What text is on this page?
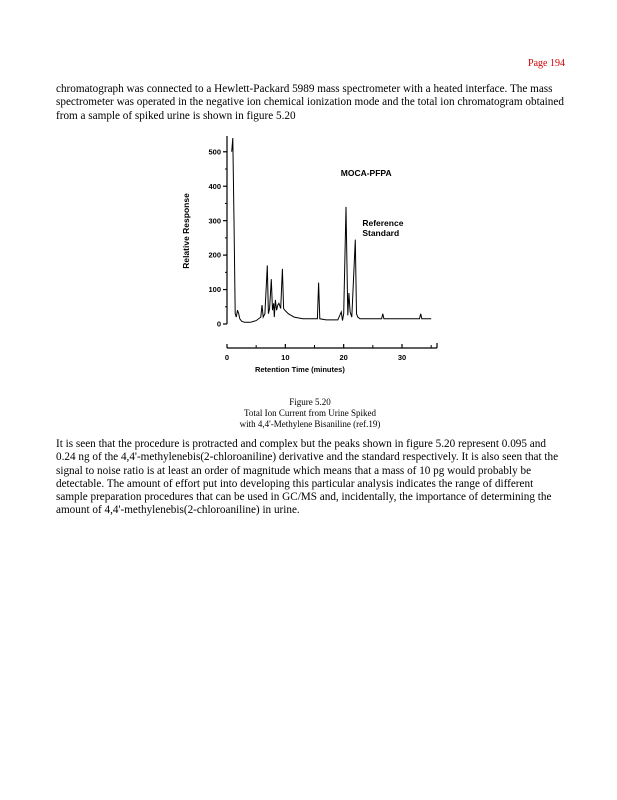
Page 194

chromatograph was connected to a Hewlett-Packard 5989 mass spectrometer with a heated interface. The mass spectrometer was operated in the negative ion chemical ionization mode and the total ion chromatogram obtained from a sample of spiked urine is shown in figure 5.20

0
100
200
300
400
500
0	10	20	30
Relative Response
Retention Time (minutes)
MOCA-PFPA
Reference
Standard
Figure 5.20
Total Ion Current from Urine Spiked
with 4,4'-Methylene Bisaniline (ref.19)

It is seen that the procedure is protracted and complex but the peaks shown in figure 5.20 represent 0.095 and 0.24 ng of the 4,4'-methylenebis(2-chloroaniline) derivative and the standard respectively. It is also seen that the signal to noise ratio is at least an order of magnitude which means that a mass of 10 pg would probably be detectable. The amount of effort put into developing this particular analysis indicates the range of different sample preparation procedures that can be used in GC/MS and, incidentally, the importance of determining the amount of 4,4'-methylenebis(2-chloroaniline) in urine.
